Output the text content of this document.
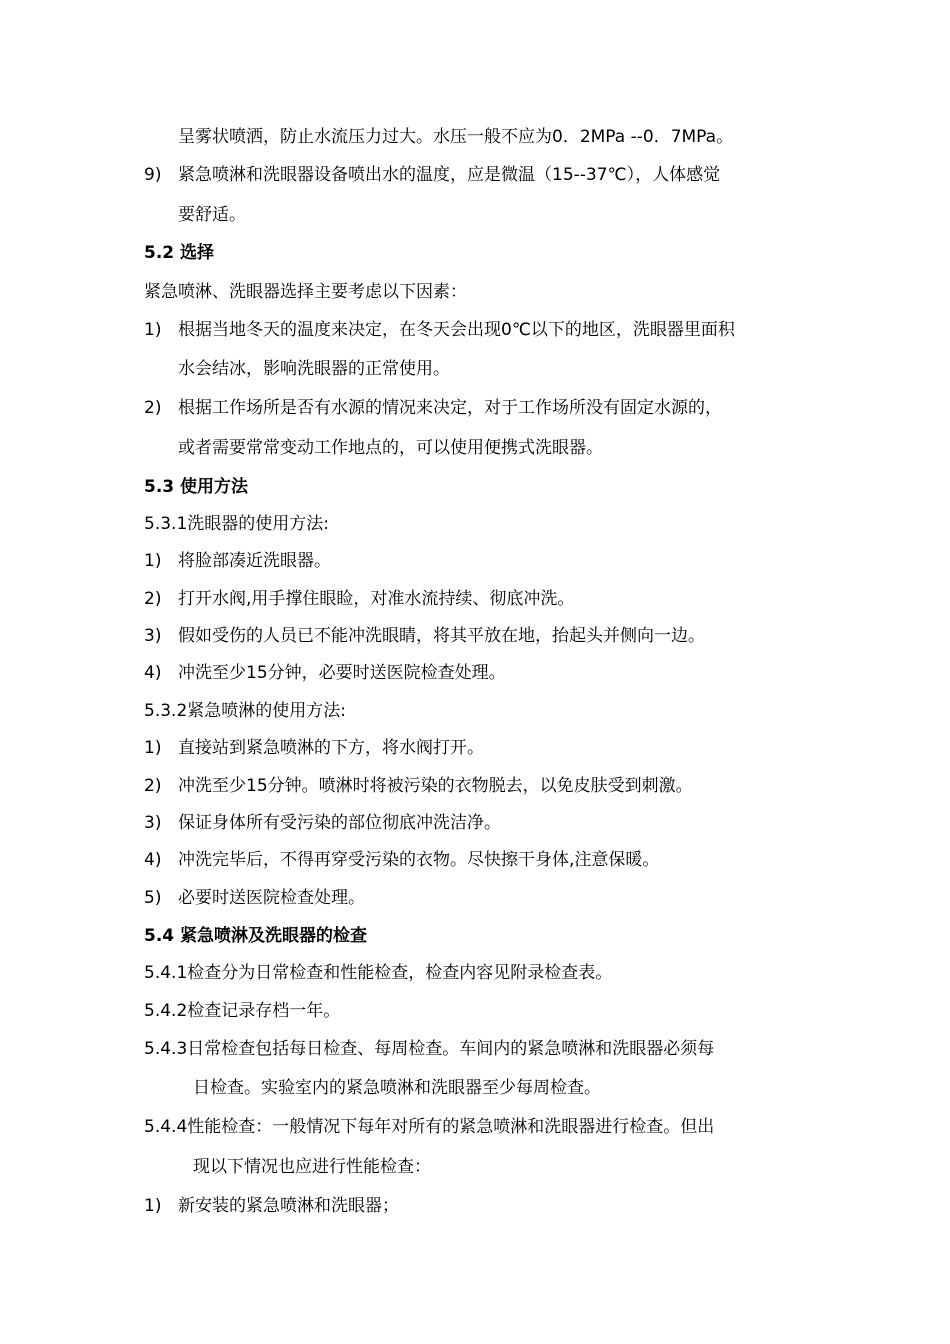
呈雾状喷洒，防止水流压力过大。水压一般不应为0．2MPa --0．7MPa。
9) 紧急喷淋和洗眼器设备喷出水的温度，应是微温（15--37℃），人体感觉
要舒适。
5.2 选择
紧急喷淋、洗眼器选择主要考虑以下因素：
1) 根据当地冬天的温度来决定，在冬天会出现0℃以下的地区，洗眼器里面积
水会结冰，影响洗眼器的正常使用。
2) 根据工作场所是否有水源的情况来决定，对于工作场所没有固定水源的，
或者需要常常变动工作地点的，可以使用便携式洗眼器。
5.3 使用方法
5.3.1洗眼器的使用方法:
1) 将脸部凑近洗眼器。
2) 打开水阀,用手撑住眼睑，对准水流持续、彻底冲洗。
3) 假如受伤的人员已不能冲洗眼睛，将其平放在地，抬起头并侧向一边。
4) 冲洗至少15分钟，必要时送医院检查处理。
5.3.2紧急喷淋的使用方法:
1) 直接站到紧急喷淋的下方，将水阀打开。
2) 冲洗至少15分钟。喷淋时将被污染的衣物脱去，以免皮肤受到刺激。
3) 保证身体所有受污染的部位彻底冲洗洁净。
4) 冲洗完毕后，不得再穿受污染的衣物。尽快擦干身体,注意保暖。
5) 必要时送医院检查处理。
5.4 紧急喷淋及洗眼器的检查
5.4.1检查分为日常检查和性能检查，检查内容见附录检查表。
5.4.2检查记录存档一年。
5.4.3日常检查包括每日检查、每周检查。车间内的紧急喷淋和洗眼器必须每
日检查。实验室内的紧急喷淋和洗眼器至少每周检查。
5.4.4性能检查：一般情况下每年对所有的紧急喷淋和洗眼器进行检查。但出
现以下情况也应进行性能检查：
1) 新安装的紧急喷淋和洗眼器；
